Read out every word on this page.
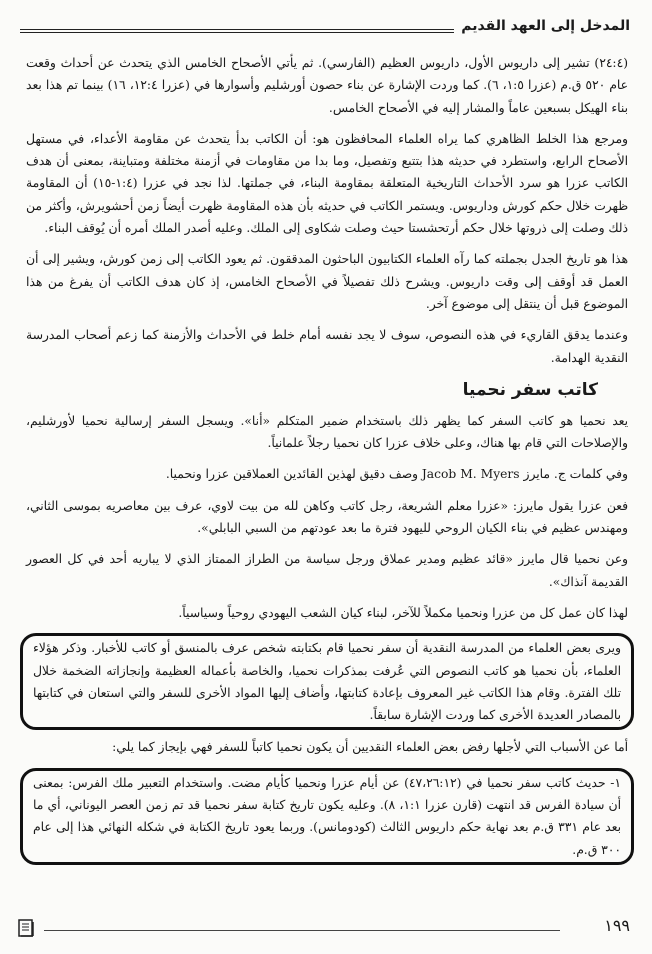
المدخل إلى العهد القديم

(٢٤:٤) تشير إلى داريوس الأول، داريوس العظيم (الفارسي). ثم يأتي الأصحاح الخامس الذي يتحدث عن أحداث وقعت عام ٥٢٠ ق.م (عزرا ١:٥، ٦). كما وردت الإشارة عن بناء حصون أورشليم وأسوارها في (عزرا ١٢:٤، ١٦) بينما تم هذا بعد بناء الهيكل بسبعين عاماً والمشار إليه في الأصحاح الخامس.

ومرجع هذا الخلط الظاهري كما يراه العلماء المحافظون هو: أن الكاتب بدأ يتحدث عن مقاومة الأعداء، في مستهل الأصحاح الرابع، واستطرد في حديثه هذا بتتبع وتفصيل، وما بدا من مقاومات في أزمنة مختلفة ومتباينة، بمعنى أن هدف الكاتب عزرا هو سرد الأحداث التاريخية المتعلقة بمقاومة البناء، في جملتها. لذا نجد في عزرا (١:٤-١٥) أن المقاومة ظهرت خلال حكم كورش وداريوس. ويستمر الكاتب في حديثه بأن هذه المقاومة ظهرت أيضاً زمن أحشويرش، وأكثر من ذلك وصلت إلى ذروتها خلال حكم أرتحشستا حيث وصلت شكاوى إلى الملك. وعليه أصدر الملك أمره أن يُوقف البناء.

هذا هو تاريخ الجدل بجملته كما رآه العلماء الكتابيون الباحثون المدققون. ثم يعود الكاتب إلى زمن كورش، ويشير إلى أن العمل قد أوقف إلى وقت داريوس. ويشرح ذلك تفصيلاً في الأصحاح الخامس، إذ كان هدف الكاتب أن يفرغ من هذا الموضوع قبل أن ينتقل إلى موضوع آخر.

وعندما يدقق القاريء في هذه النصوص، سوف لا يجد نفسه أمام خلط في الأحداث والأزمنة كما زعم أصحاب المدرسة النقدية الهدامة.

كاتب سفر نحميا

يعد نحميا هو كاتب السفر كما يظهر ذلك باستخدام ضمير المتكلم «أنا». ويسجل السفر إرسالية نحميا لأورشليم، والإصلاحات التي قام بها هناك، وعلى خلاف عزرا كان نحميا رجلاً علمانياً.

وفي كلمات ج. مايرز Jacob M. Myers وصف دقيق لهذين القائدين العملاقين عزرا ونحميا.

فعن عزرا يقول مايرز: «عزرا معلم الشريعة، رجل كاتب وكاهن لله من بيت لاوي، عرف بين معاصريه بموسى الثاني، ومهندس عظيم في بناء الكيان الروحي لليهود فترة ما بعد عودتهم من السبي البابلي».

وعن نحميا قال مايرز «قائد عظيم ومدير عملاق ورجل سياسة من الطراز الممتاز الذي لا يباريه أحد في كل العصور القديمة آنذاك».

لهذا كان عمل كل من عزرا ونحميا مكملاً للآخر، لبناء كيان الشعب اليهودي روحياً وسياسياً.

ويرى بعض العلماء من المدرسة النقدية أن سفر نحميا قام بكتابته شخص عرف بالمنسق أو كاتب للأخبار. وذكر هؤلاء العلماء، بأن نحميا هو كاتب النصوص التي عُرفت بمذكرات نحميا، والخاصة بأعماله العظيمة وإنجازاته الضخمة خلال تلك الفترة. وقام هذا الكاتب غير المعروف بإعادة كتابتها، وأضاف إليها المواد الأخرى للسفر والتي استعان في كتابتها بالمصادر العديدة الأخرى كما وردت الإشارة سابقاً.

أما عن الأسباب التي لأجلها رفض بعض العلماء النقديين أن يكون نحميا كاتباً للسفر فهي بإيجاز كما يلي:

١- حديث كاتب سفر نحميا في (٤٧،٢٦:١٢) عن أيام عزرا ونحميا كأيام مضت. واستخدام التعبير ملك الفرس: بمعنى أن سيادة الفرس قد انتهت (قارن عزرا ١:١، ٨). وعليه يكون تاريخ كتابة سفر نحميا قد تم زمن العصر اليوناني، أي ما بعد عام ٣٣١ ق.م بعد نهاية حكم داريوس الثالث (كودومانس). وربما يعود تاريخ الكتابة في شكله النهائي هذا إلى عام ٣٠٠ ق.م.

١٩٩
